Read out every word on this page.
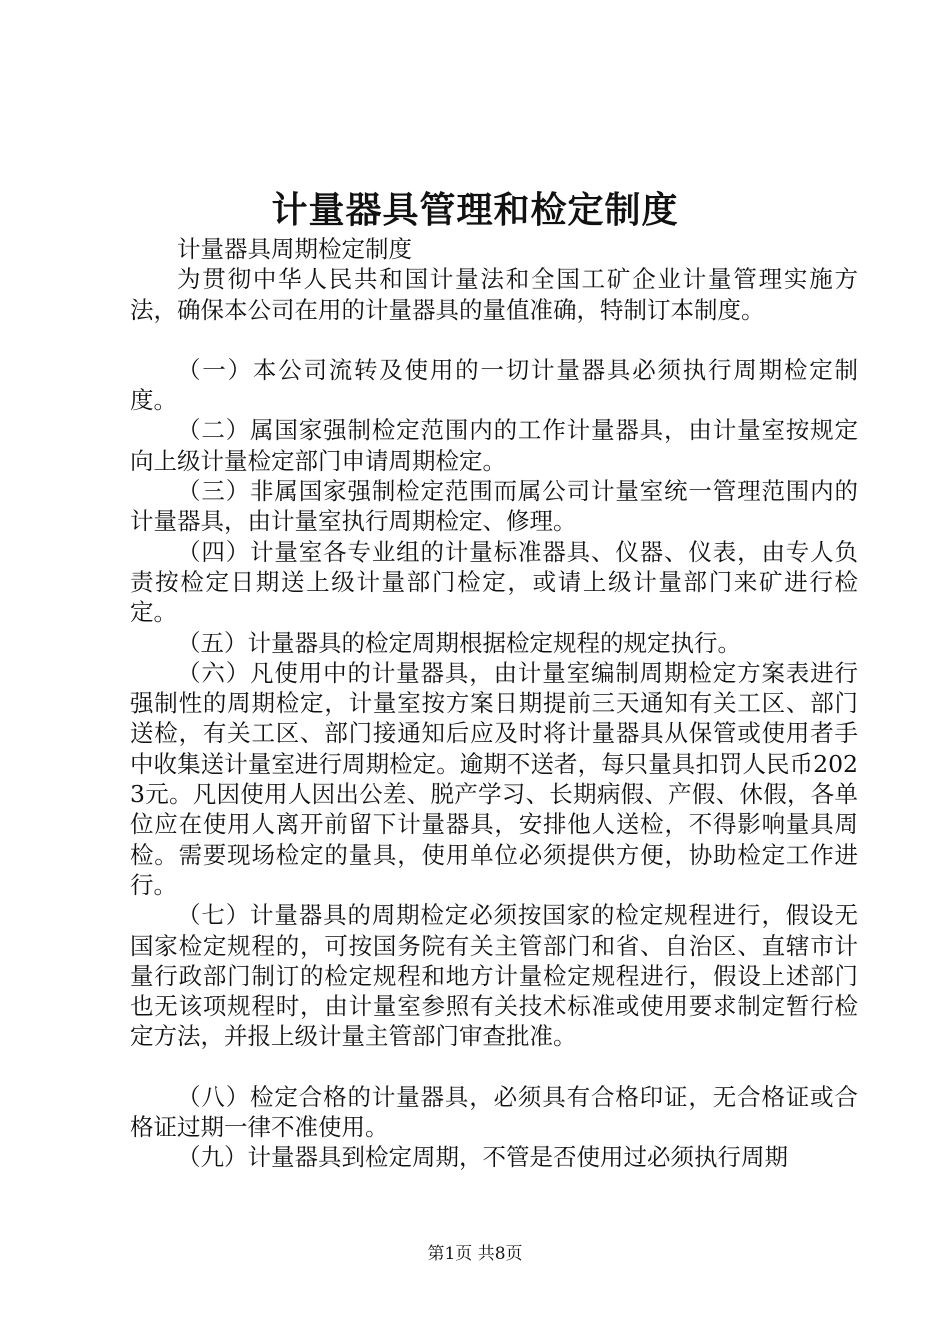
计量器具管理和检定制度

计量器具周期检定制度

为贯彻中华人民共和国计量法和全国工矿企业计量管理实施方法，确保本公司在用的计量器具的量值准确，特制订本制度。

（一）本公司流转及使用的一切计量器具必须执行周期检定制度。

（二）属国家强制检定范围内的工作计量器具，由计量室按规定向上级计量检定部门申请周期检定。

（三）非属国家强制检定范围而属公司计量室统一管理范围内的计量器具，由计量室执行周期检定、修理。

（四）计量室各专业组的计量标准器具、仪器、仪表，由专人负责按检定日期送上级计量部门检定，或请上级计量部门来矿进行检定。

（五）计量器具的检定周期根据检定规程的规定执行。

（六）凡使用中的计量器具，由计量室编制周期检定方案表进行强制性的周期检定，计量室按方案日期提前三天通知有关工区、部门送检，有关工区、部门接通知后应及时将计量器具从保管或使用者手中收集送计量室进行周期检定。逾期不送者，每只量具扣罚人民币2023元。凡因使用人因出公差、脱产学习、长期病假、产假、休假，各单位应在使用人离开前留下计量器具，安排他人送检，不得影响量具周检。需要现场检定的量具，使用单位必须提供方便，协助检定工作进行。

（七）计量器具的周期检定必须按国家的检定规程进行，假设无国家检定规程的，可按国务院有关主管部门和省、自治区、直辖市计量行政部门制订的检定规程和地方计量检定规程进行，假设上述部门也无该项规程时，由计量室参照有关技术标准或使用要求制定暂行检定方法，并报上级计量主管部门审查批准。

（八）检定合格的计量器具，必须具有合格印证，无合格证或合格证过期一律不准使用。

（九）计量器具到检定周期，不管是否使用过必须执行周期

第1页 共8页
